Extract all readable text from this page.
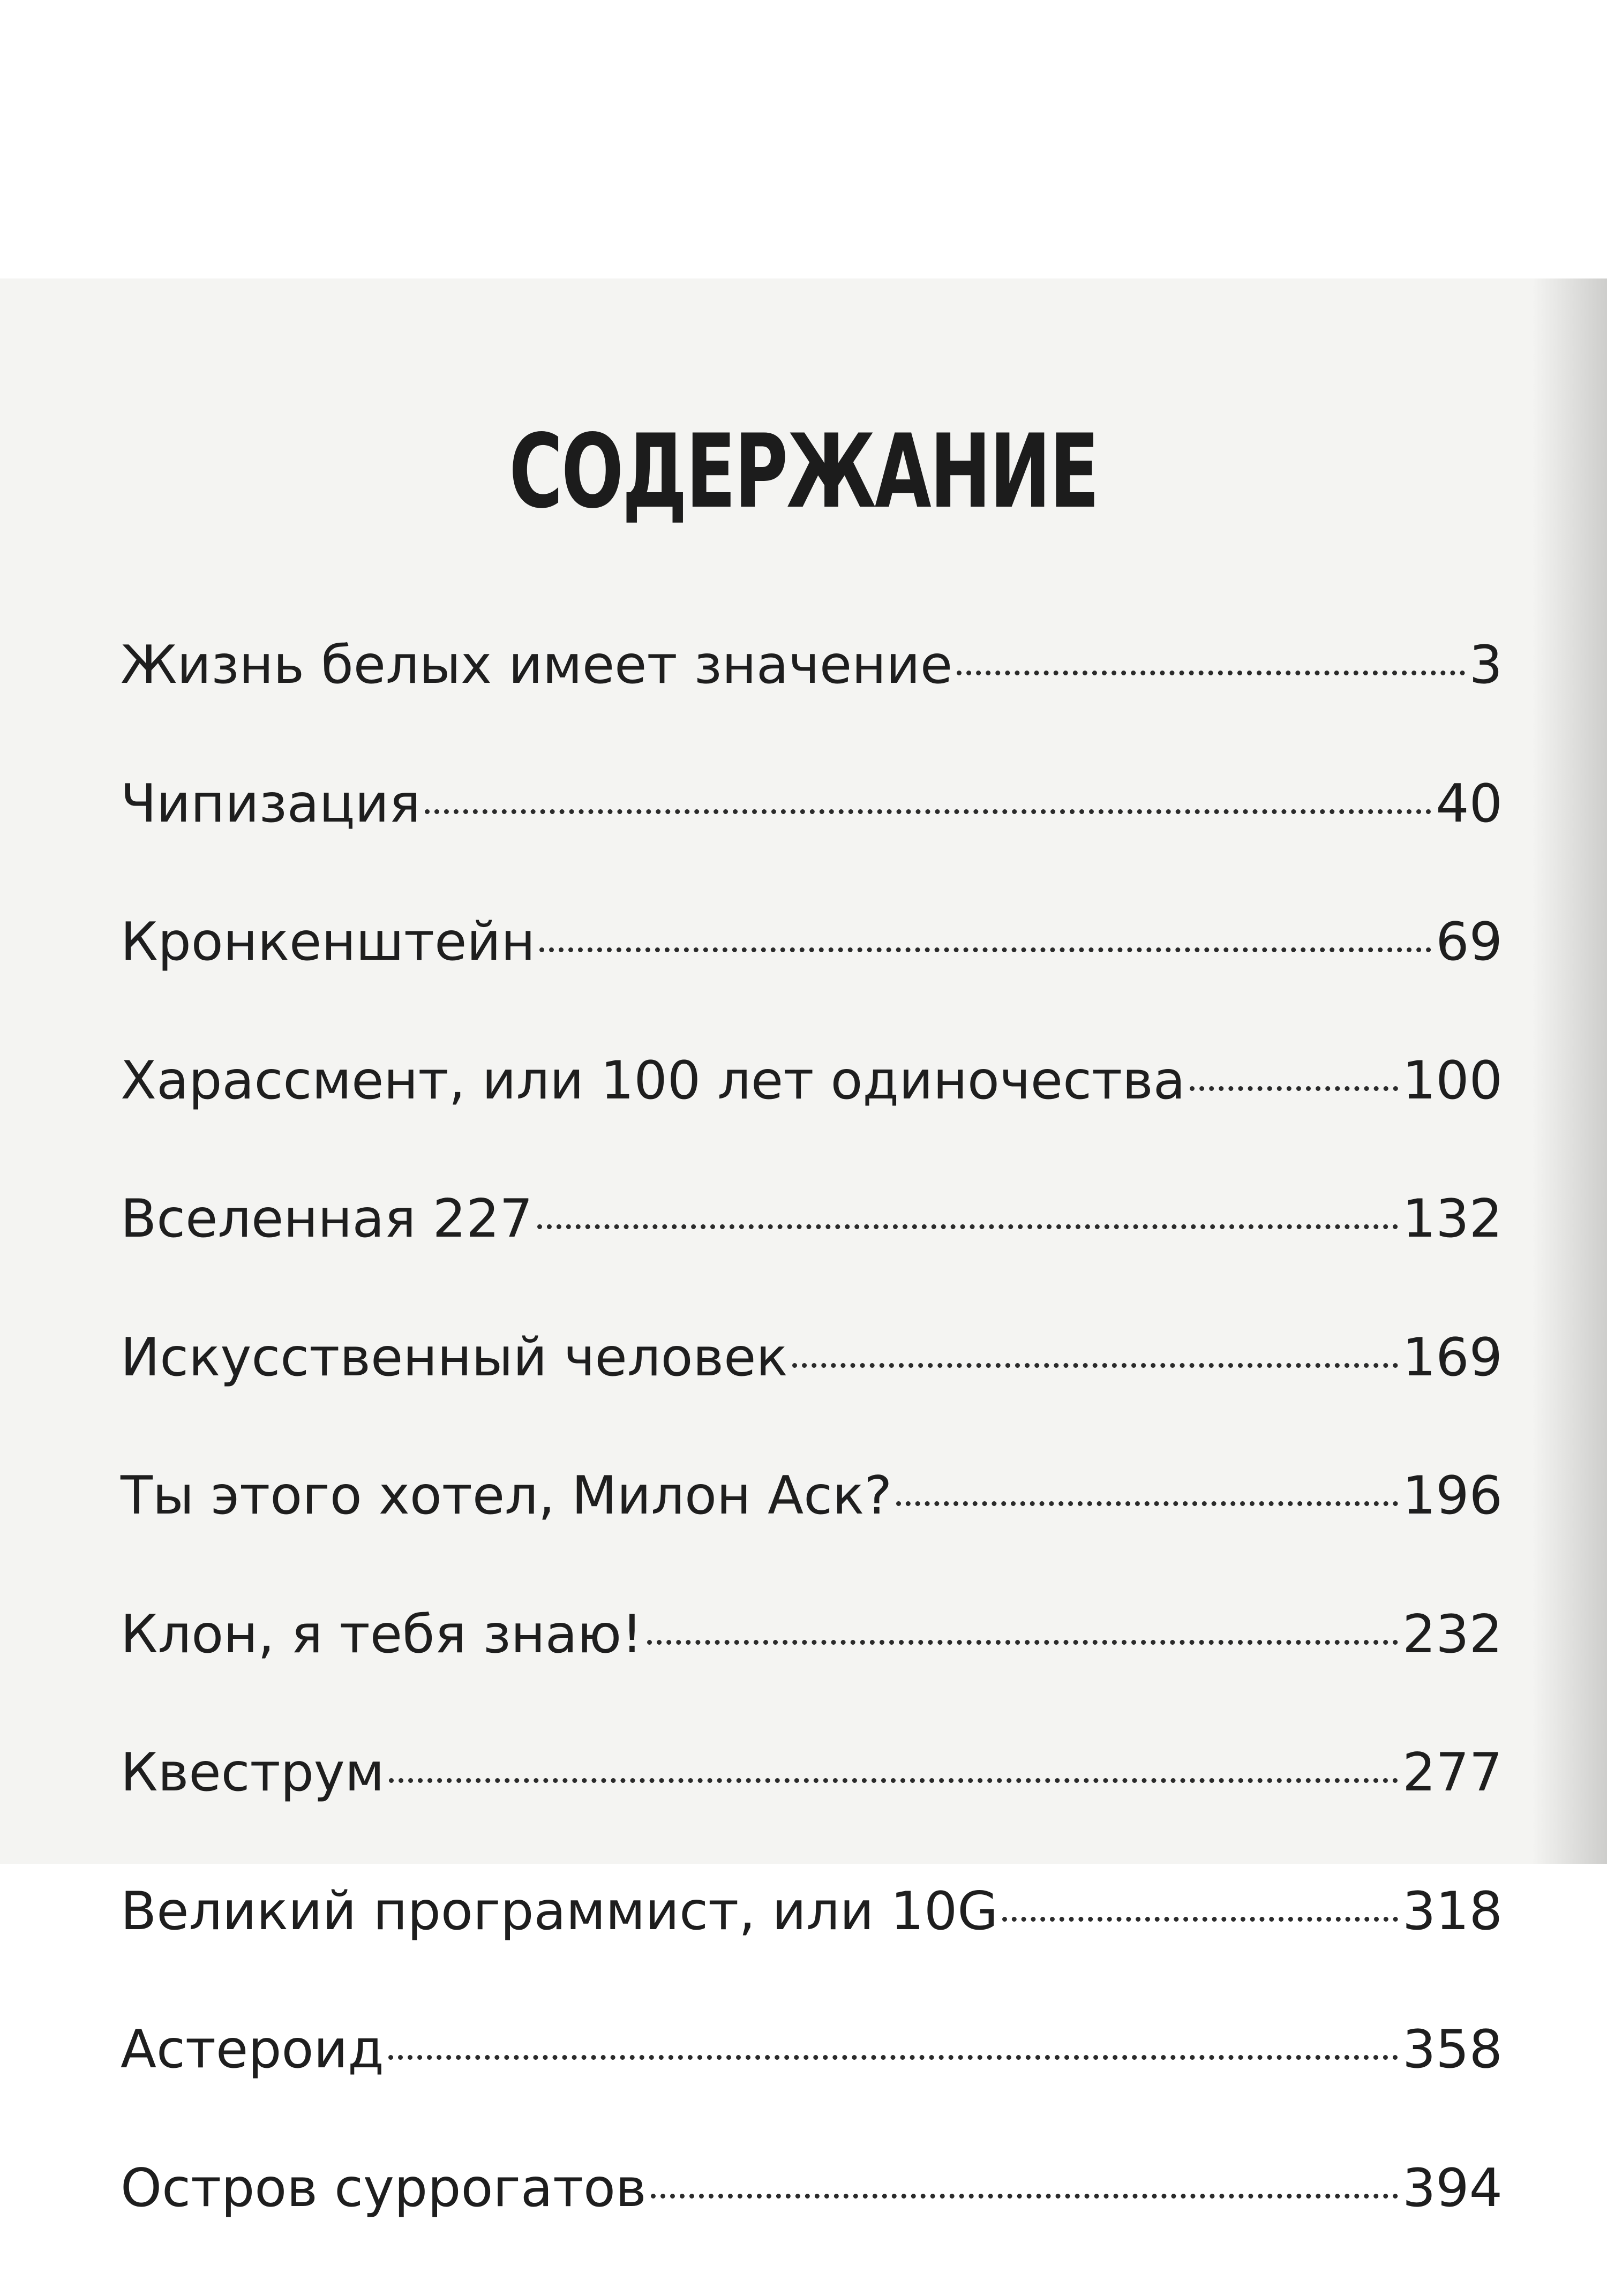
СОДЕРЖАНИЕ
Жизнь белых имеет значение	3
Чипизация	40
Кронкенштейн	69
Харассмент, или 100 лет одиночества	100
Вселенная 227	132
Искусственный человек	169
Ты этого хотел, Милон Аск?	196
Клон, я тебя знаю!	232
Квеструм	277
Великий программист, или 10G	318
Астероид	358
Остров суррогатов	394
